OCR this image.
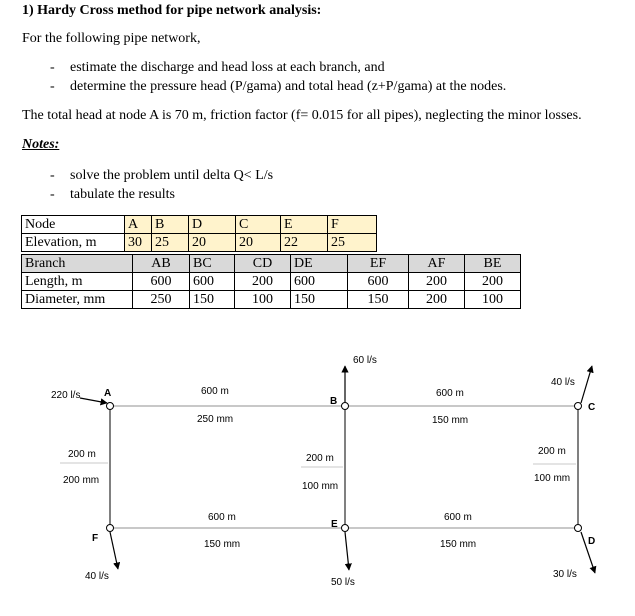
1) Hardy Cross method for pipe network analysis:
For the following pipe network,
- estimate the discharge and head loss at each branch, and
- determine the pressure head (P/gama) and total head (z+P/gama) at the nodes.
The total head at node A is 70 m, friction factor (f= 0.015 for all pipes), neglecting the minor losses.
Notes:
- solve the problem until delta Q< L/s
- tabulate the results
Node	A	B	D	C	E	F
Elevation, m	30	25	20	20	22	25
Branch	AB	BC	CD	DE	EF	AF	BE
Length, m	600	600	200	600	600	200	200
Diameter, mm	250	150	100	150	150	200	100
A
B
C
D
E
F
220 l/s
60 l/s
40 l/s
30 l/s
50 l/s
40 l/s
600 m
250 mm
600 m
150 mm
200 m
200 mm
200 m
100 mm
200 m
100 mm
600 m
150 mm
600 m
150 mm
